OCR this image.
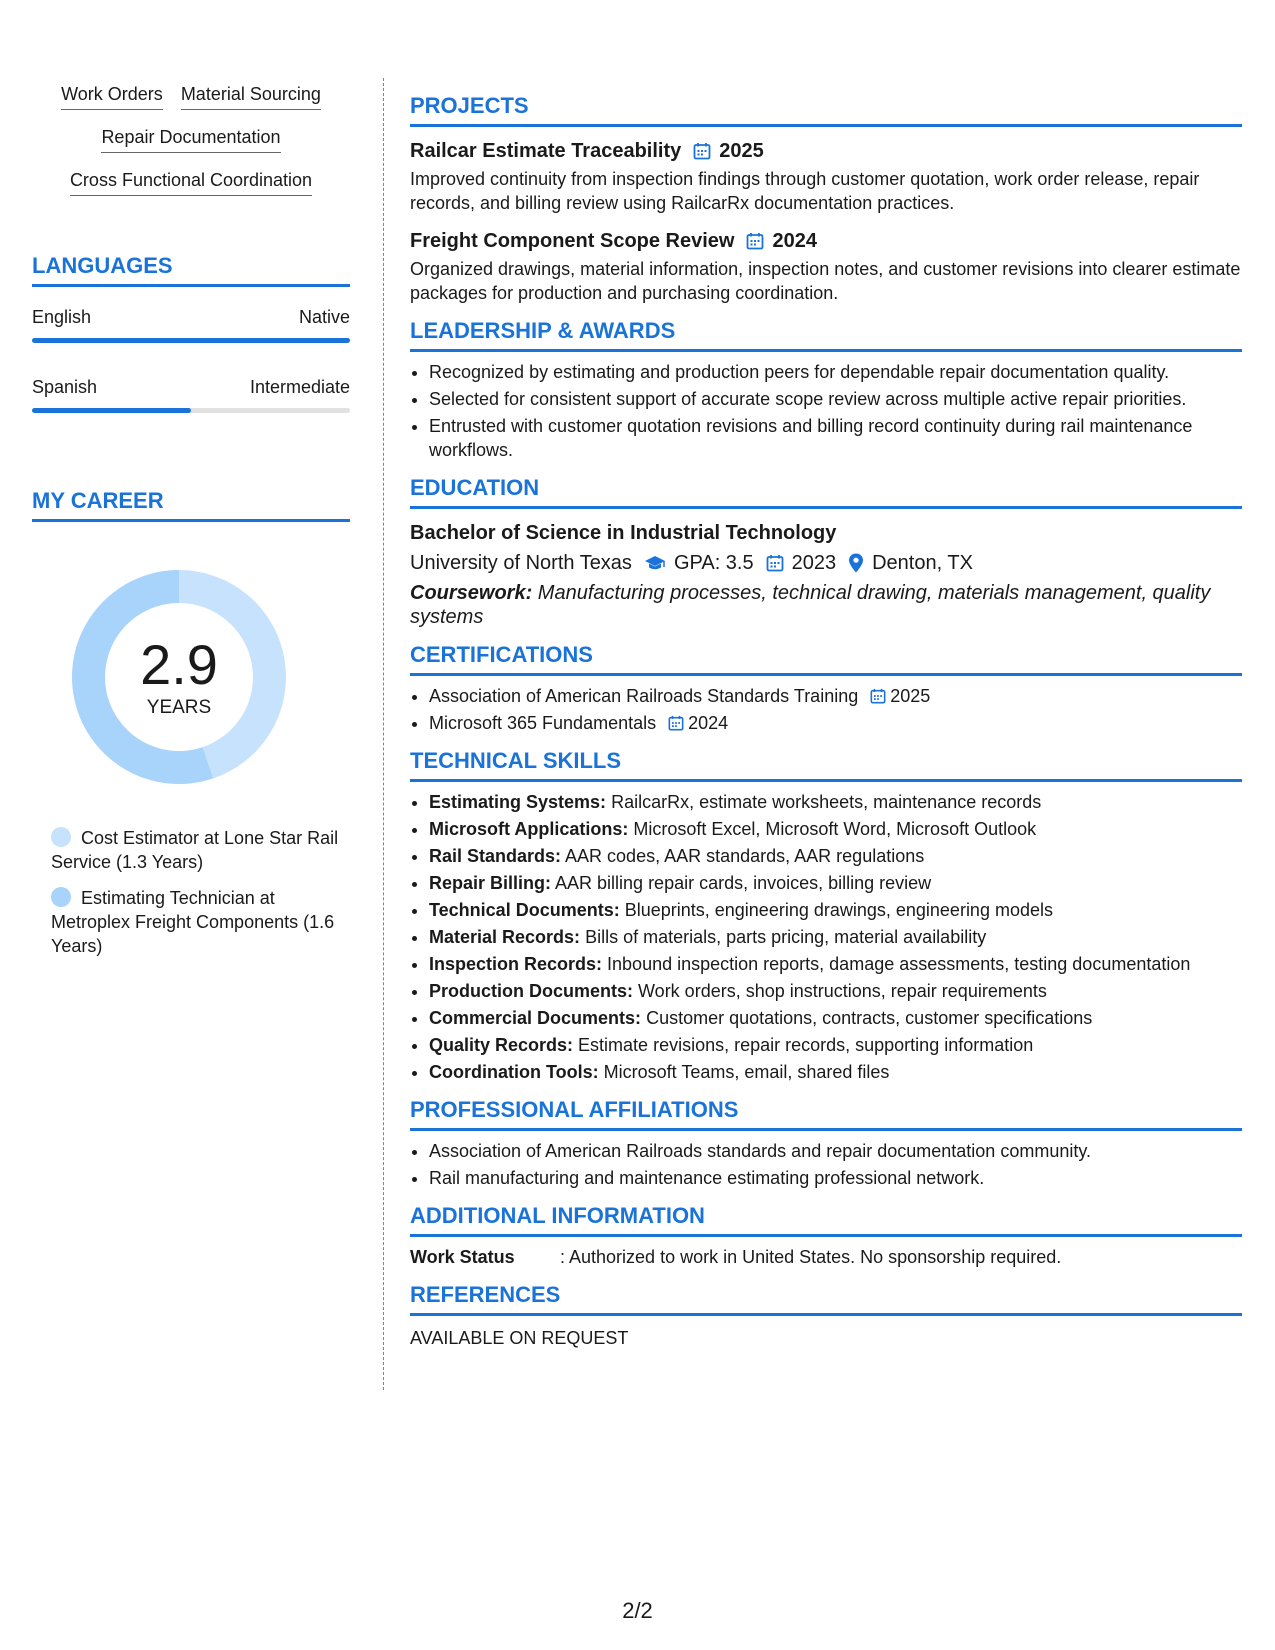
Work Orders Material Sourcing
Repair Documentation
Cross Functional Coordination
LANGUAGES
English	Native
Spanish	Intermediate
MY CAREER
2.9
YEARS
Cost Estimator at Lone Star Rail Service (1.3 Years)
Estimating Technician at Metroplex Freight Components (1.6 Years)
PROJECTS
Railcar Estimate Traceability 2025
Improved continuity from inspection findings through customer quotation, work order release, repair records, and billing review using RailcarRx documentation practices.
Freight Component Scope Review 2024
Organized drawings, material information, inspection notes, and customer revisions into clearer estimate packages for production and purchasing coordination.
LEADERSHIP & AWARDS
• Recognized by estimating and production peers for dependable repair documentation quality.
• Selected for consistent support of accurate scope review across multiple active repair priorities.
• Entrusted with customer quotation revisions and billing record continuity during rail maintenance workflows.
EDUCATION
Bachelor of Science in Industrial Technology
University of North Texas GPA: 3.5 2023 Denton, TX
Coursework: Manufacturing processes, technical drawing, materials management, quality systems
CERTIFICATIONS
• Association of American Railroads Standards Training 2025
• Microsoft 365 Fundamentals 2024
TECHNICAL SKILLS
• Estimating Systems: RailcarRx, estimate worksheets, maintenance records
• Microsoft Applications: Microsoft Excel, Microsoft Word, Microsoft Outlook
• Rail Standards: AAR codes, AAR standards, AAR regulations
• Repair Billing: AAR billing repair cards, invoices, billing review
• Technical Documents: Blueprints, engineering drawings, engineering models
• Material Records: Bills of materials, parts pricing, material availability
• Inspection Records: Inbound inspection reports, damage assessments, testing documentation
• Production Documents: Work orders, shop instructions, repair requirements
• Commercial Documents: Customer quotations, contracts, customer specifications
• Quality Records: Estimate revisions, repair records, supporting information
• Coordination Tools: Microsoft Teams, email, shared files
PROFESSIONAL AFFILIATIONS
• Association of American Railroads standards and repair documentation community.
• Rail manufacturing and maintenance estimating professional network.
ADDITIONAL INFORMATION
Work Status	: Authorized to work in United States. No sponsorship required.
REFERENCES
AVAILABLE ON REQUEST
2/2
